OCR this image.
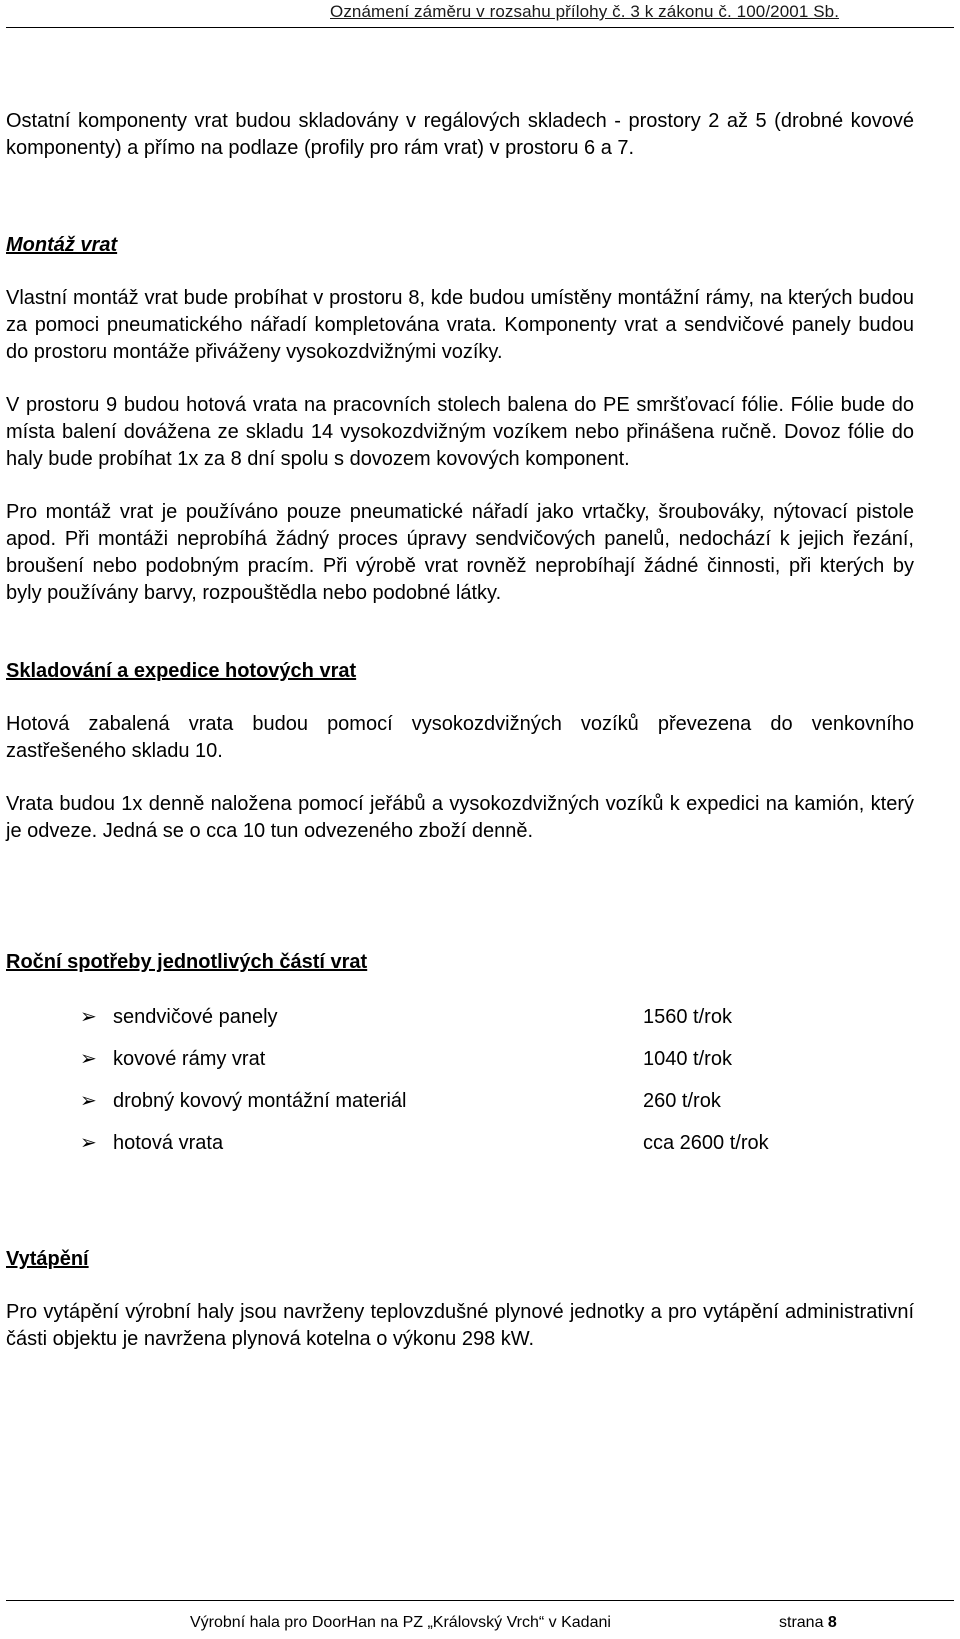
Oznámení záměru v rozsahu přílohy č. 3 k zákonu č. 100/2001 Sb.

Ostatní komponenty vrat budou skladovány v regálových skladech - prostory 2 až 5 (drobné kovové komponenty) a přímo na podlaze (profily pro rám vrat) v prostoru 6 a 7.

Montáž vrat

Vlastní montáž vrat bude probíhat v prostoru 8, kde budou umístěny montážní rámy, na kterých budou za pomoci pneumatického nářadí kompletována vrata. Komponenty vrat a sendvičové panely budou do prostoru montáže přiváženy vysokozdvižnými vozíky.

V prostoru 9 budou hotová vrata na pracovních stolech balena do PE smršťovací fólie. Fólie bude do místa balení dovážena ze skladu 14 vysokozdvižným vozíkem nebo přinášena ručně. Dovoz fólie do haly bude probíhat 1x za 8 dní spolu s dovozem kovových komponent.

Pro montáž vrat je používáno pouze pneumatické nářadí jako vrtačky, šroubováky, nýtovací pistole apod. Při montáži neprobíhá žádný proces úpravy sendvičových panelů, nedochází k jejich řezání, broušení nebo podobným pracím. Při výrobě vrat rovněž neprobíhají žádné činnosti, při kterých by byly používány barvy, rozpouštědla nebo podobné látky.

Skladování a expedice hotových vrat

Hotová zabalená vrata budou pomocí vysokozdvižných vozíků převezena do venkovního zastřešeného skladu 10.

Vrata budou 1x denně naložena pomocí jeřábů a vysokozdvižných vozíků k expedici na kamión, který je odveze. Jedná se o cca 10 tun odvezeného zboží denně.

Roční spotřeby jednotlivých částí vrat

➢ sendvičové panely	1560 t/rok
➢ kovové rámy vrat	1040 t/rok
➢ drobný kovový montážní materiál	260 t/rok
➢ hotová vrata	cca 2600 t/rok

Vytápění

Pro vytápění výrobní haly jsou navrženy teplovzdušné plynové jednotky a pro vytápění administrativní části objektu je navržena plynová kotelna o výkonu 298 kW.

Výrobní hala pro DoorHan na PZ „Královský Vrch“ v Kadani	strana 8
